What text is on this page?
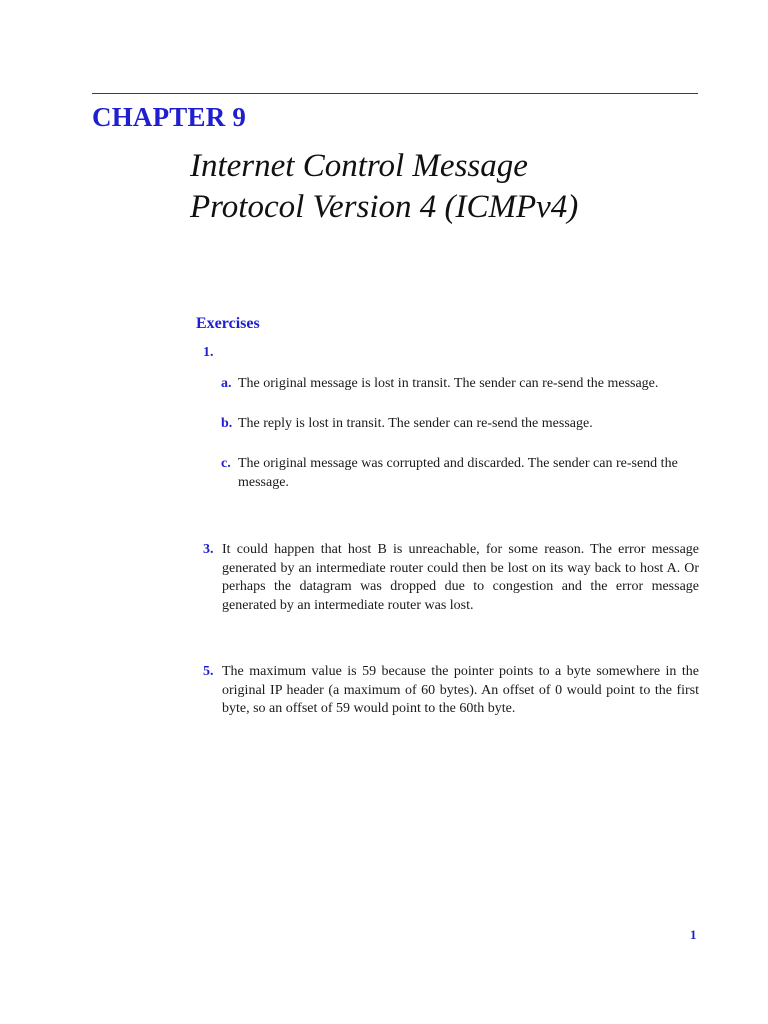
CHAPTER 9
Internet Control Message
Protocol Version 4 (ICMPv4)
Exercises
1.
a. The original message is lost in transit. The sender can re-send the message.
b. The reply is lost in transit. The sender can re-send the message.
c. The original message was corrupted and discarded. The sender can re-send the message.
3. It could happen that host B is unreachable, for some reason. The error message generated by an intermediate router could then be lost on its way back to host A. Or perhaps the datagram was dropped due to congestion and the error message generated by an intermediate router was lost.
5. The maximum value is 59 because the pointer points to a byte somewhere in the original IP header (a maximum of 60 bytes). An offset of 0 would point to the first byte, so an offset of 59 would point to the 60th byte.
1
